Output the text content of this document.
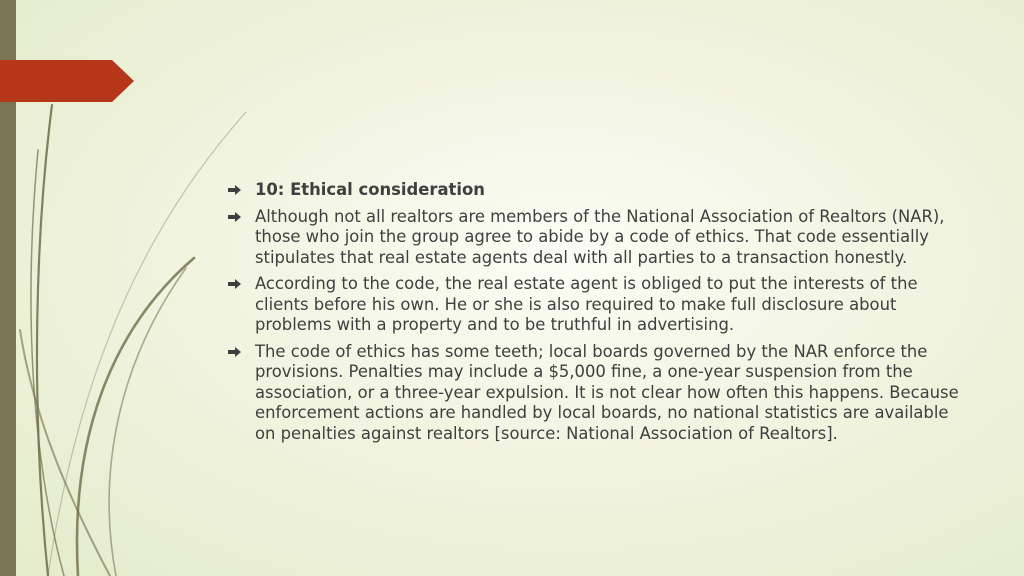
10: Ethical consideration
Although not all realtors are members of the National Association of Realtors (NAR), those who join the group agree to abide by a code of ethics. That code essentially stipulates that real estate agents deal with all parties to a transaction honestly.
According to the code, the real estate agent is obliged to put the interests of the clients before his own. He or she is also required to make full disclosure about problems with a property and to be truthful in advertising.
The code of ethics has some teeth; local boards governed by the NAR enforce the provisions. Penalties may include a $5,000 fine, a one-year suspension from the association, or a three-year expulsion. It is not clear how often this happens. Because enforcement actions are handled by local boards, no national statistics are available on penalties against realtors [source: National Association of Realtors].
